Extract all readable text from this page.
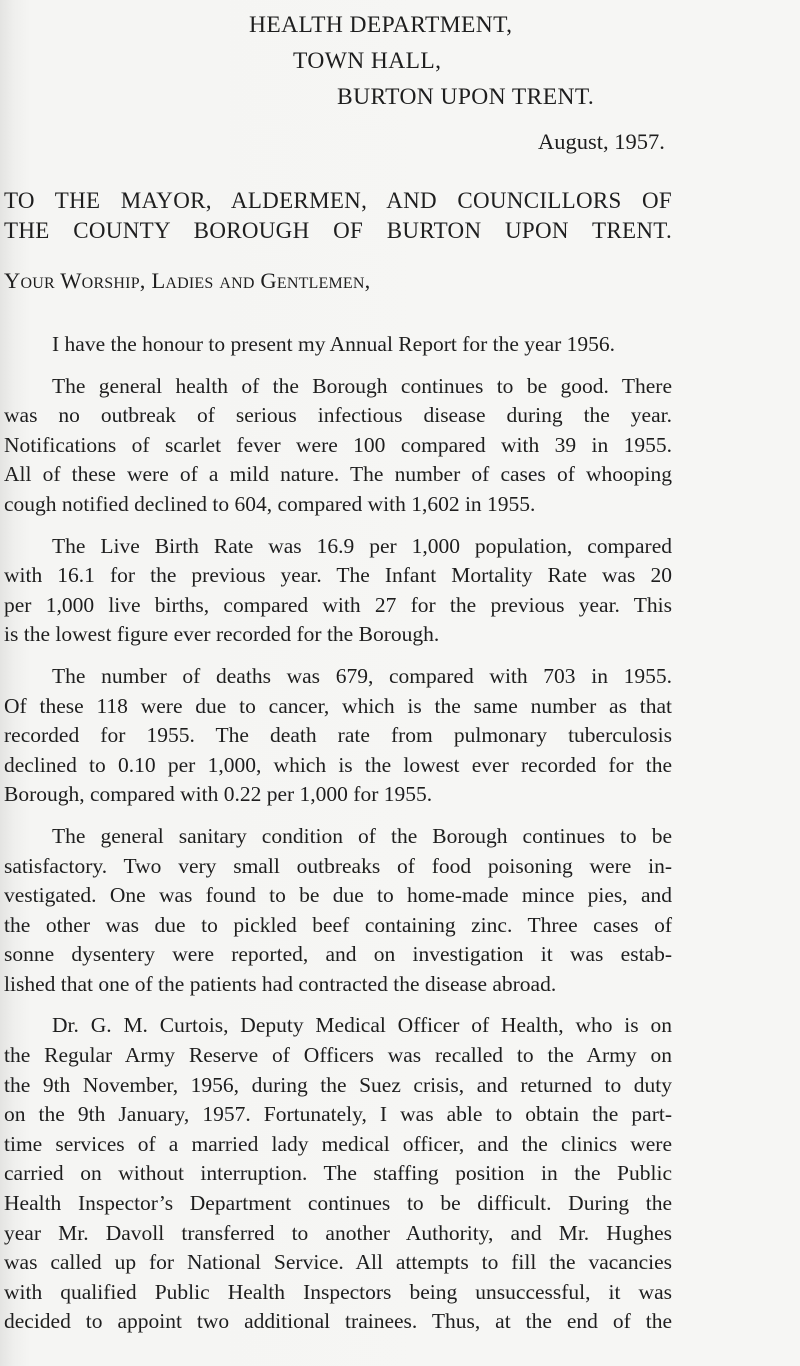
HEALTH DEPARTMENT,
TOWN HALL,
BURTON UPON TRENT.
August, 1957.
TO THE MAYOR, ALDERMEN, AND COUNCILLORS OF
THE COUNTY BOROUGH OF BURTON UPON TRENT.
Your Worship, Ladies and Gentlemen,

I have the honour to present my Annual Report for the year 1956.

The general health of the Borough continues to be good. There
was no outbreak of serious infectious disease during the year.
Notifications of scarlet fever were 100 compared with 39 in 1955.
All of these were of a mild nature. The number of cases of whooping
cough notified declined to 604, compared with 1,602 in 1955.

The Live Birth Rate was 16.9 per 1,000 population, compared
with 16.1 for the previous year. The Infant Mortality Rate was 20
per 1,000 live births, compared with 27 for the previous year. This
is the lowest figure ever recorded for the Borough.

The number of deaths was 679, compared with 703 in 1955.
Of these 118 were due to cancer, which is the same number as that
recorded for 1955. The death rate from pulmonary tuberculosis
declined to 0.10 per 1,000, which is the lowest ever recorded for the
Borough, compared with 0.22 per 1,000 for 1955.

The general sanitary condition of the Borough continues to be
satisfactory. Two very small outbreaks of food poisoning were in-
vestigated. One was found to be due to home-made mince pies, and
the other was due to pickled beef containing zinc. Three cases of
sonne dysentery were reported, and on investigation it was estab-
lished that one of the patients had contracted the disease abroad.

Dr. G. M. Curtois, Deputy Medical Officer of Health, who is on
the Regular Army Reserve of Officers was recalled to the Army on
the 9th November, 1956, during the Suez crisis, and returned to duty
on the 9th January, 1957. Fortunately, I was able to obtain the part-
time services of a married lady medical officer, and the clinics were
carried on without interruption. The staffing position in the Public
Health Inspector’s Department continues to be difficult. During the
year Mr. Davoll transferred to another Authority, and Mr. Hughes
was called up for National Service. All attempts to fill the vacancies
with qualified Public Health Inspectors being unsuccessful, it was
decided to appoint two additional trainees. Thus, at the end of the
